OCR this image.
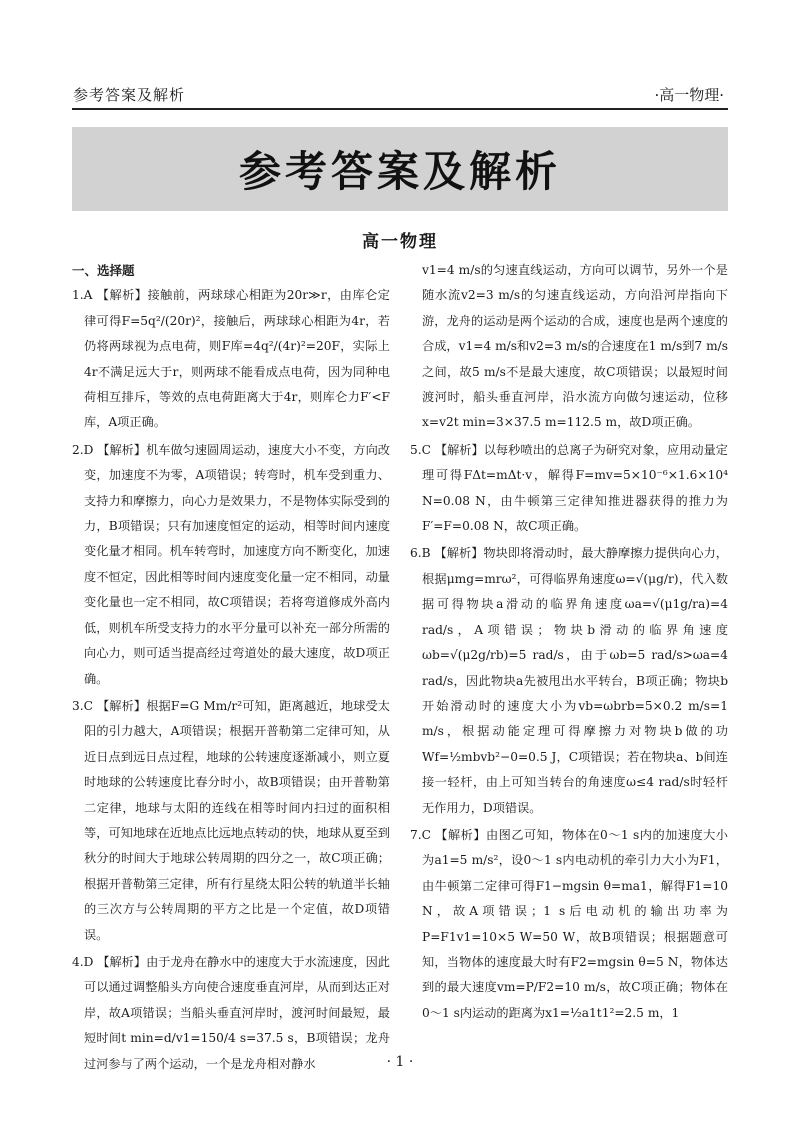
参考答案及解析	·高一物理·
参考答案及解析
高一物理
一、选择题

1.A 【解析】接触前，两球球心相距为20r≫r，由库仑定律可得F=5q²/(20r)²，接触后，两球球心相距为4r，若仍将两球视为点电荷，则F库=4q²/(4r)²=20F，实际上4r不满足远大于r，则两球不能看成点电荷，因为同种电荷相互排斥，等效的点电荷距离大于4r，则库仑力F′<F库，A项正确。

2.D 【解析】机车做匀速圆周运动，速度大小不变，方向改变，加速度不为零，A项错误；转弯时，机车受到重力、支持力和摩擦力，向心力是效果力，不是物体实际受到的力，B项错误；只有加速度恒定的运动，相等时间内速度变化量才相同。机车转弯时，加速度方向不断变化，加速度不恒定，因此相等时间内速度变化量一定不相同，动量变化量也一定不相同，故C项错误；若将弯道修成外高内低，则机车所受支持力的水平分量可以补充一部分所需的向心力，则可适当提高经过弯道处的最大速度，故D项正确。

3.C 【解析】根据F=G Mm/r²可知，距离越近，地球受太阳的引力越大，A项错误；根据开普勒第二定律可知，从近日点到远日点过程，地球的公转速度逐渐减小，则立夏时地球的公转速度比春分时小，故B项错误；由开普勒第二定律，地球与太阳的连线在相等时间内扫过的面积相等，可知地球在近地点比远地点转动的快，地球从夏至到秋分的时间大于地球公转周期的四分之一，故C项正确；根据开普勒第三定律，所有行星绕太阳公转的轨道半长轴的三次方与公转周期的平方之比是一个定值，故D项错误。

4.D 【解析】由于龙舟在静水中的速度大于水流速度，因此可以通过调整船头方向使合速度垂直河岸，从而到达正对岸，故A项错误；当船头垂直河岸时，渡河时间最短，最短时间t min=d/v1=150/4 s=37.5 s，B项错误；龙舟过河参与了两个运动，一个是龙舟相对静水

v1=4 m/s的匀速直线运动，方向可以调节，另外一个是随水流v2=3 m/s的匀速直线运动，方向沿河岸指向下游，龙舟的运动是两个运动的合成，速度也是两个速度的合成，v1=4 m/s和v2=3 m/s的合速度在1 m/s到7 m/s之间，故5 m/s不是最大速度，故C项错误；以最短时间渡河时，船头垂直河岸，沿水流方向做匀速运动，位移x=v2t min=3×37.5 m=112.5 m，故D项正确。

5.C 【解析】以每秒喷出的总离子为研究对象，应用动量定理可得FΔt=mΔt·v，解得F=mv=5×10⁻⁶×1.6×10⁴ N=0.08 N，由牛顿第三定律知推进器获得的推力为F′=F=0.08 N，故C项正确。

6.B 【解析】物块即将滑动时，最大静摩擦力提供向心力，根据μmg=mrω²，可得临界角速度ω=√(μg/r)，代入数据可得物块a滑动的临界角速度ωa=√(μ1g/ra)=4 rad/s，A项错误；物块b滑动的临界角速度ωb=√(μ2g/rb)=5 rad/s，由于ωb=5 rad/s>ωa=4 rad/s，因此物块a先被甩出水平转台，B项正确；物块b开始滑动时的速度大小为vb=ωbrb=5×0.2 m/s=1 m/s，根据动能定理可得摩擦力对物块b做的功Wf=½mbvb²−0=0.5 J，C项错误；若在物块a、b间连接一轻杆，由上可知当转台的角速度ω≤4 rad/s时轻杆无作用力，D项错误。

7.C 【解析】由图乙可知，物体在0～1 s内的加速度大小为a1=5 m/s²，设0～1 s内电动机的牵引力大小为F1，由牛顿第二定律可得F1−mgsin θ=ma1，解得F1=10 N，故A项错误；1 s后电动机的输出功率为P=F1v1=10×5 W=50 W，故B项错误；根据题意可知，当物体的速度最大时有F2=mgsin θ=5 N，物体达到的最大速度vm=P/F2=10 m/s，故C项正确；物体在0～1 s内运动的距离为x1=½a1t1²=2.5 m，1

· 1 ·
